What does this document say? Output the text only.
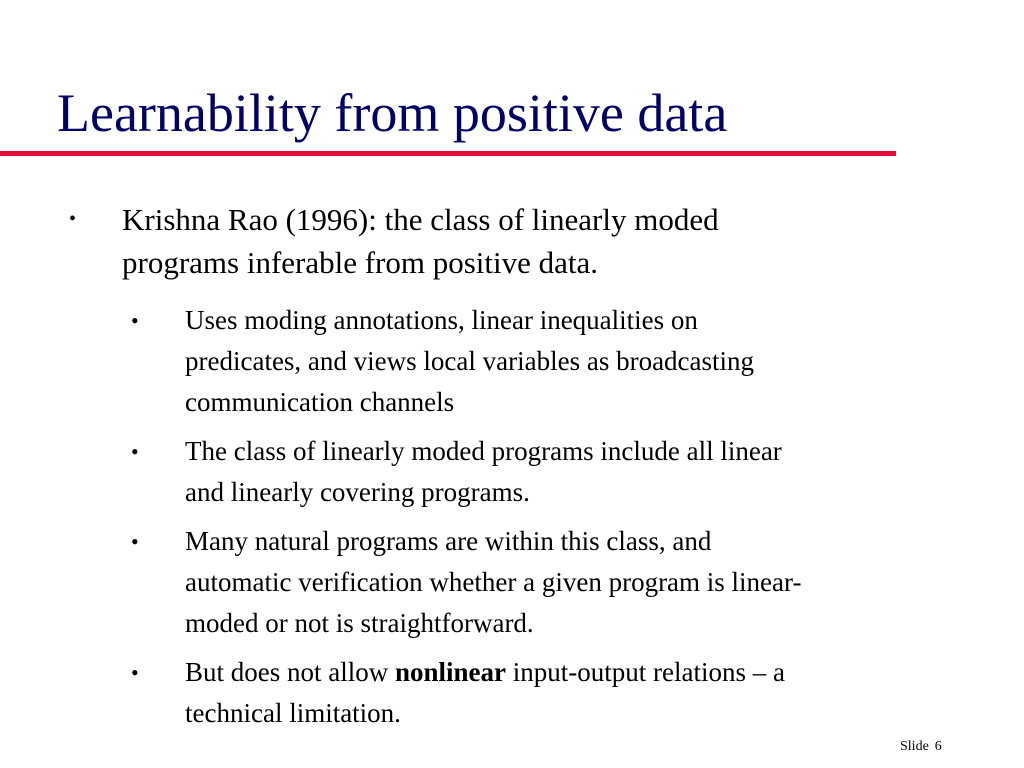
Learnability from positive data
• Krishna Rao (1996): the class of linearly moded
programs inferable from positive data.
• Uses moding annotations, linear inequalities on
predicates, and views local variables as broadcasting
communication channels
• The class of linearly moded programs include all linear
and linearly covering programs.
• Many natural programs are within this class, and
automatic verification whether a given program is linear-
moded or not is straightforward.
• But does not allow nonlinear input-output relations – a
technical limitation.
Slide 6
